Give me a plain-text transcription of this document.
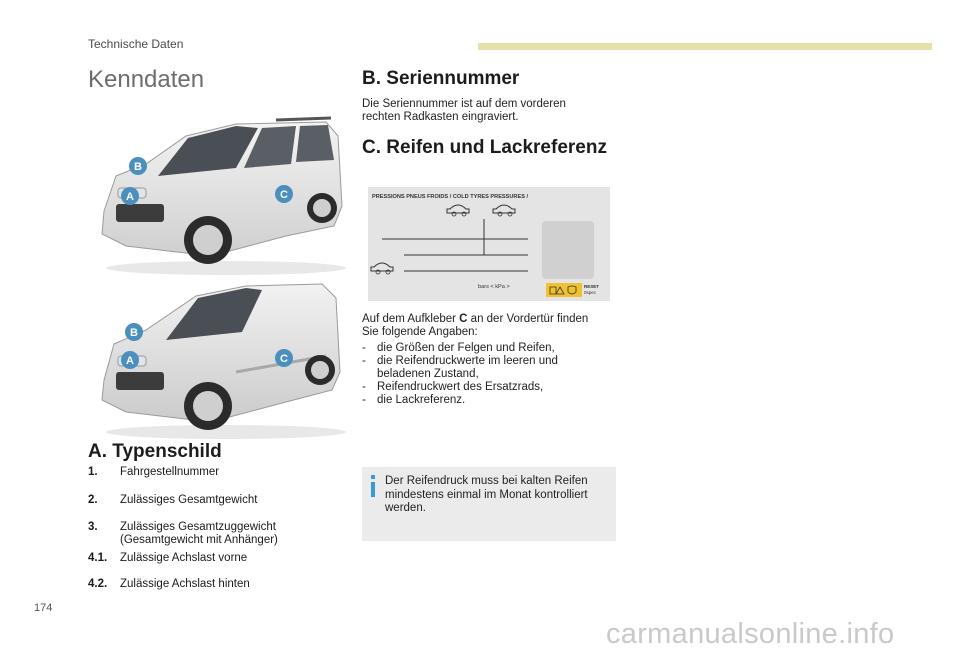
Technische Daten
Kenndaten
B
A	C
B
A	C
A. Typenschild
1. Fahrgestellnummer
2. Zulässiges Gesamtgewicht
3. Zulässiges Gesamtzuggewicht (Gesamtgewicht mit Anhänger)
4.1. Zulässige Achslast vorne
4.2. Zulässige Achslast hinten
B. Seriennummer
Die Seriennummer ist auf dem vorderen rechten Radkasten eingraviert.
C. Reifen und Lackreferenz
PRESSIONS PNEUS FROIDS / COLD TYRES PRESSURES /
bars < kPa >	RESET
0spec
Auf dem Aufkleber C an der Vordertür finden Sie folgende Angaben:
- die Größen der Felgen und Reifen,
- die Reifendruckwerte im leeren und beladenen Zustand,
- Reifendruckwert des Ersatzrads,
- die Lackreferenz.
Der Reifendruck muss bei kalten Reifen mindestens einmal im Monat kontrolliert werden.
174
carmanualsonline.info
